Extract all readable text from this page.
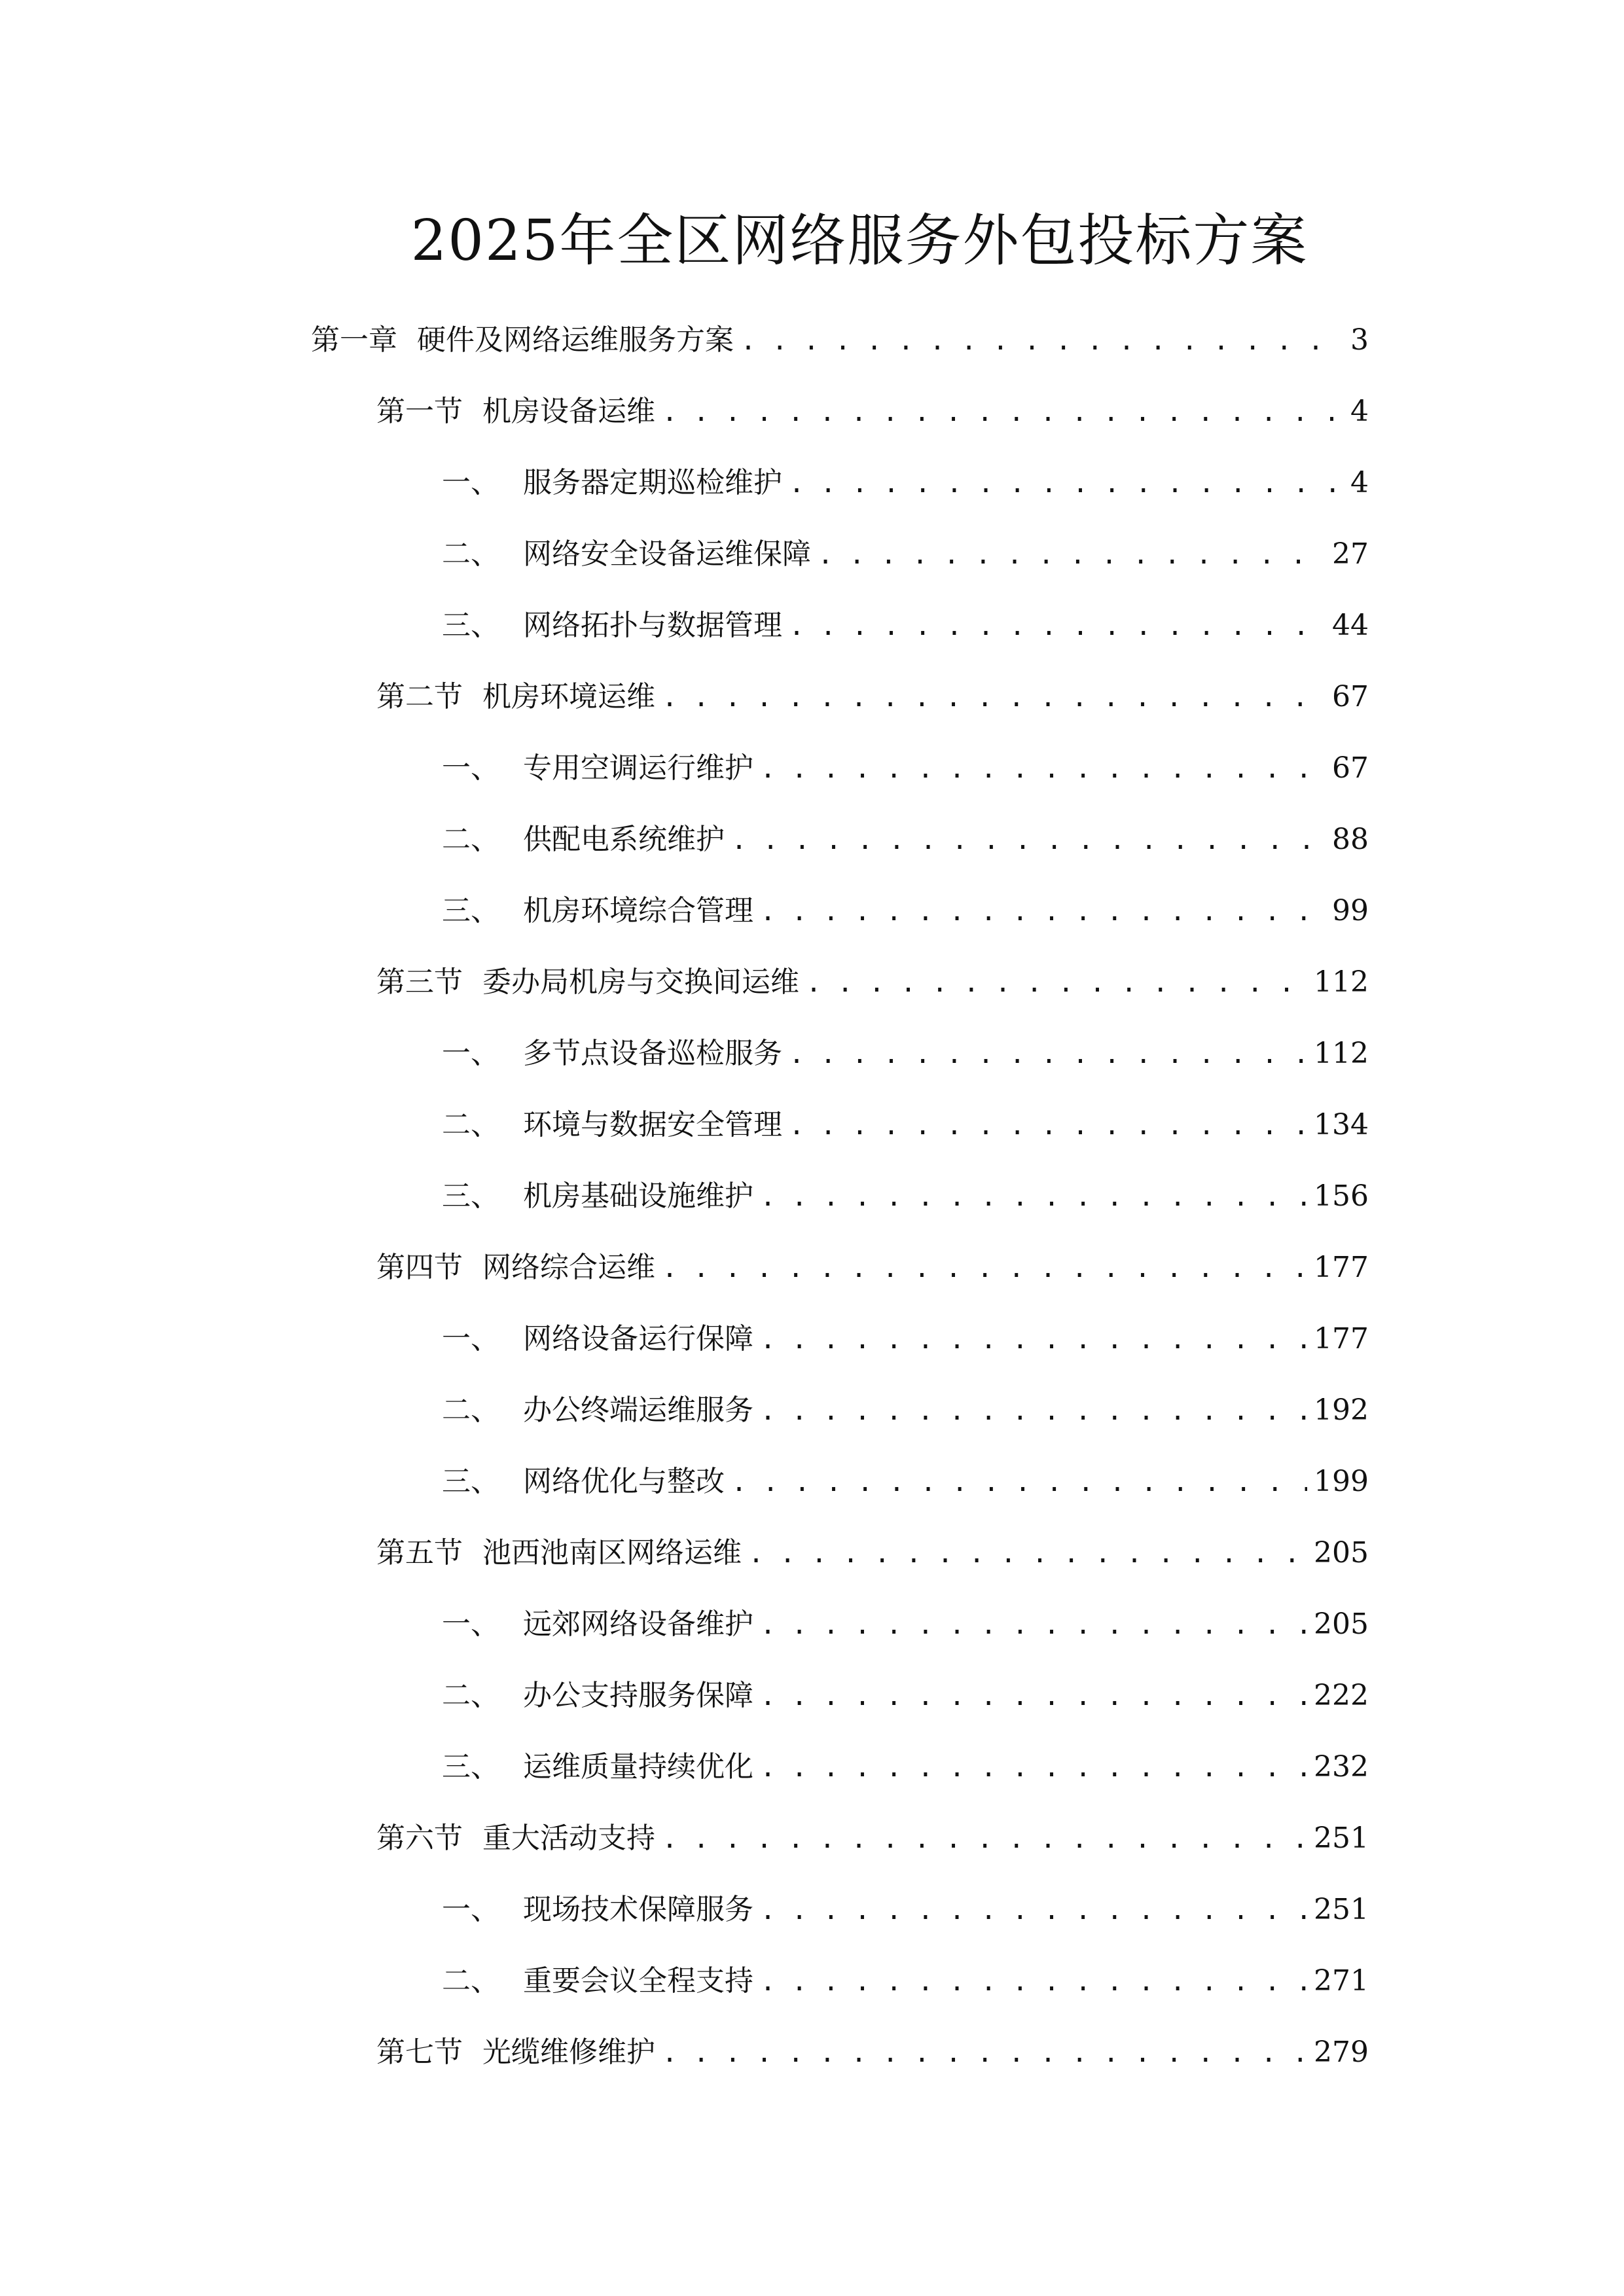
2025年全区网络服务外包投标方案
第一章 硬件及网络运维服务方案 . . .	3
第一节 机房设备运维 . . .	4
一、 服务器定期巡检维护 . . .	4
二、 网络安全设备运维保障 . . .	27
三、 网络拓扑与数据管理 . . .	44
第二节 机房环境运维 . . .	67
一、 专用空调运行维护 . . .	67
二、 供配电系统维护 . . .	88
三、 机房环境综合管理 . . .	99
第三节 委办局机房与交换间运维 . . .	112
一、 多节点设备巡检服务 . . .	112
二、 环境与数据安全管理 . . .	134
三、 机房基础设施维护 . . .	156
第四节 网络综合运维 . . .	177
一、 网络设备运行保障 . . .	177
二、 办公终端运维服务 . . .	192
三、 网络优化与整改 . . .	199
第五节 池西池南区网络运维 . . .	205
一、 远郊网络设备维护 . . .	205
二、 办公支持服务保障 . . .	222
三、 运维质量持续优化 . . .	232
第六节 重大活动支持 . . .	251
一、 现场技术保障服务 . . .	251
二、 重要会议全程支持 . . .	271
第七节 光缆维修维护 . . .	279
